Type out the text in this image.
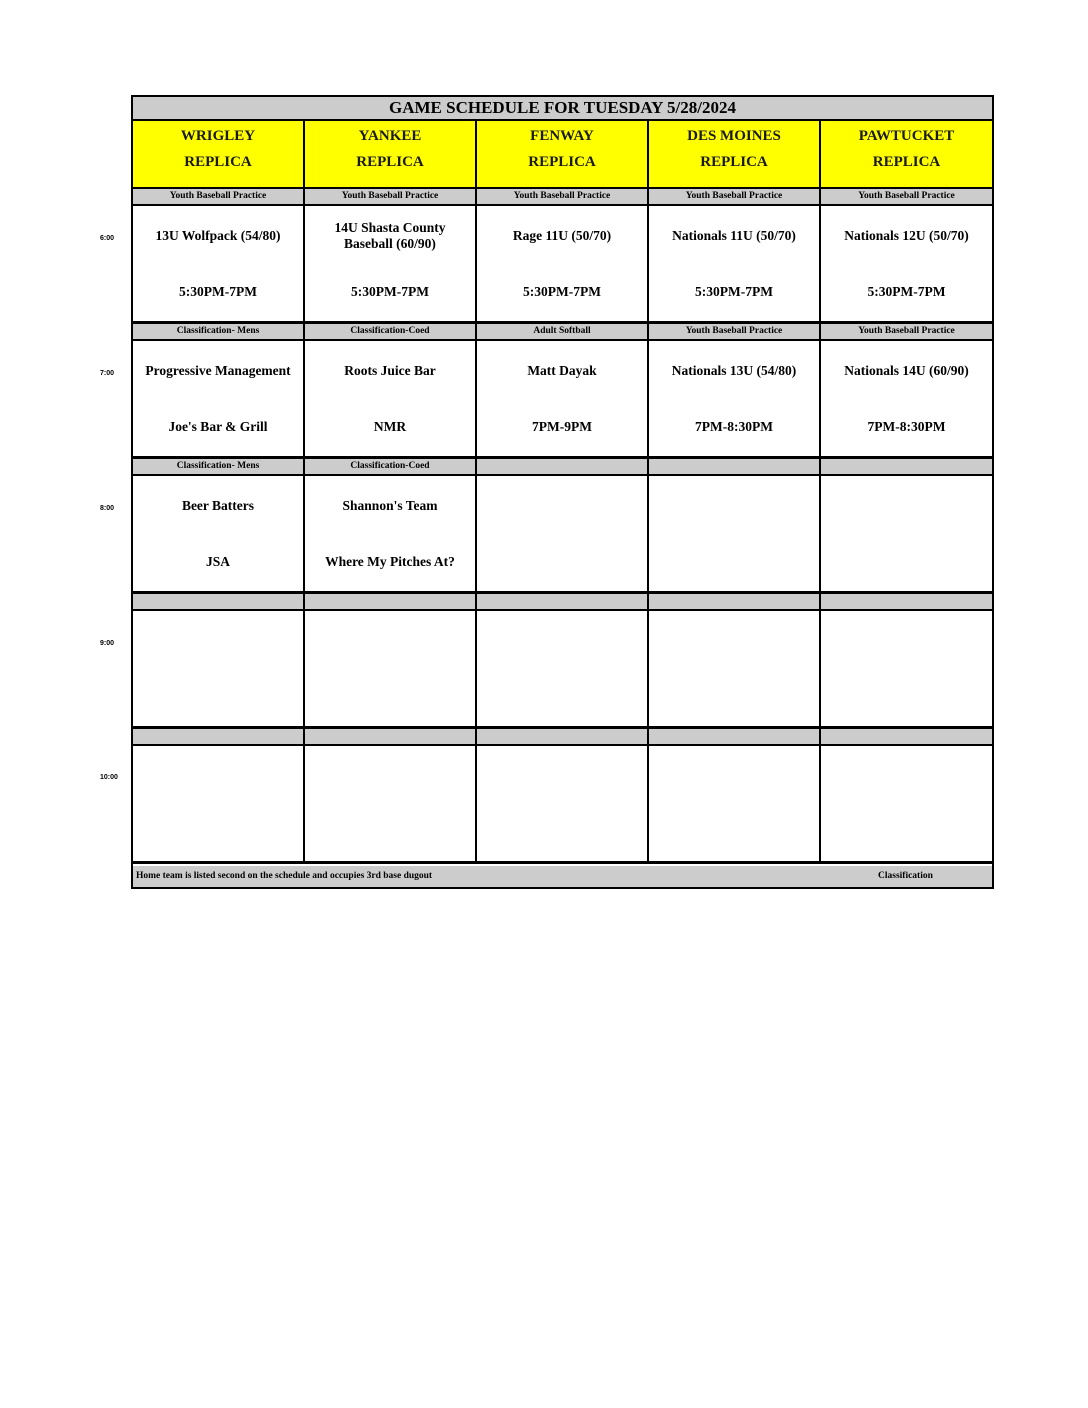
GAME SCHEDULE FOR TUESDAY 5/28/2024
Home team is listed second on the schedule and occupies 3rd base dugout	Classification
WRIGLEY
REPLICA
YANKEE
REPLICA
FENWAY
REPLICA
DES MOINES
REPLICA
PAWTUCKET
REPLICA
Youth Baseball Practice
13U Wolfpack (54/80)
5:30PM-7PM
Youth Baseball Practice
14U Shasta County Baseball (60/90)
5:30PM-7PM
Youth Baseball Practice
Rage 11U (50/70)
5:30PM-7PM
Youth Baseball Practice
Nationals 11U (50/70)
5:30PM-7PM
Youth Baseball Practice
Nationals 12U (50/70)
5:30PM-7PM
Classification- Mens
Progressive Management
Joe's Bar & Grill
Classification-Coed
Roots Juice Bar
NMR
Adult Softball
Matt Dayak
7PM-9PM
Youth Baseball Practice
Nationals 13U (54/80)
7PM-8:30PM
Youth Baseball Practice
Nationals 14U (60/90)
7PM-8:30PM
Classification- Mens
Beer Batters
JSA
Classification-Coed
Shannon's Team
Where My Pitches At?
6:00
7:00
8:00
9:00
10:00
